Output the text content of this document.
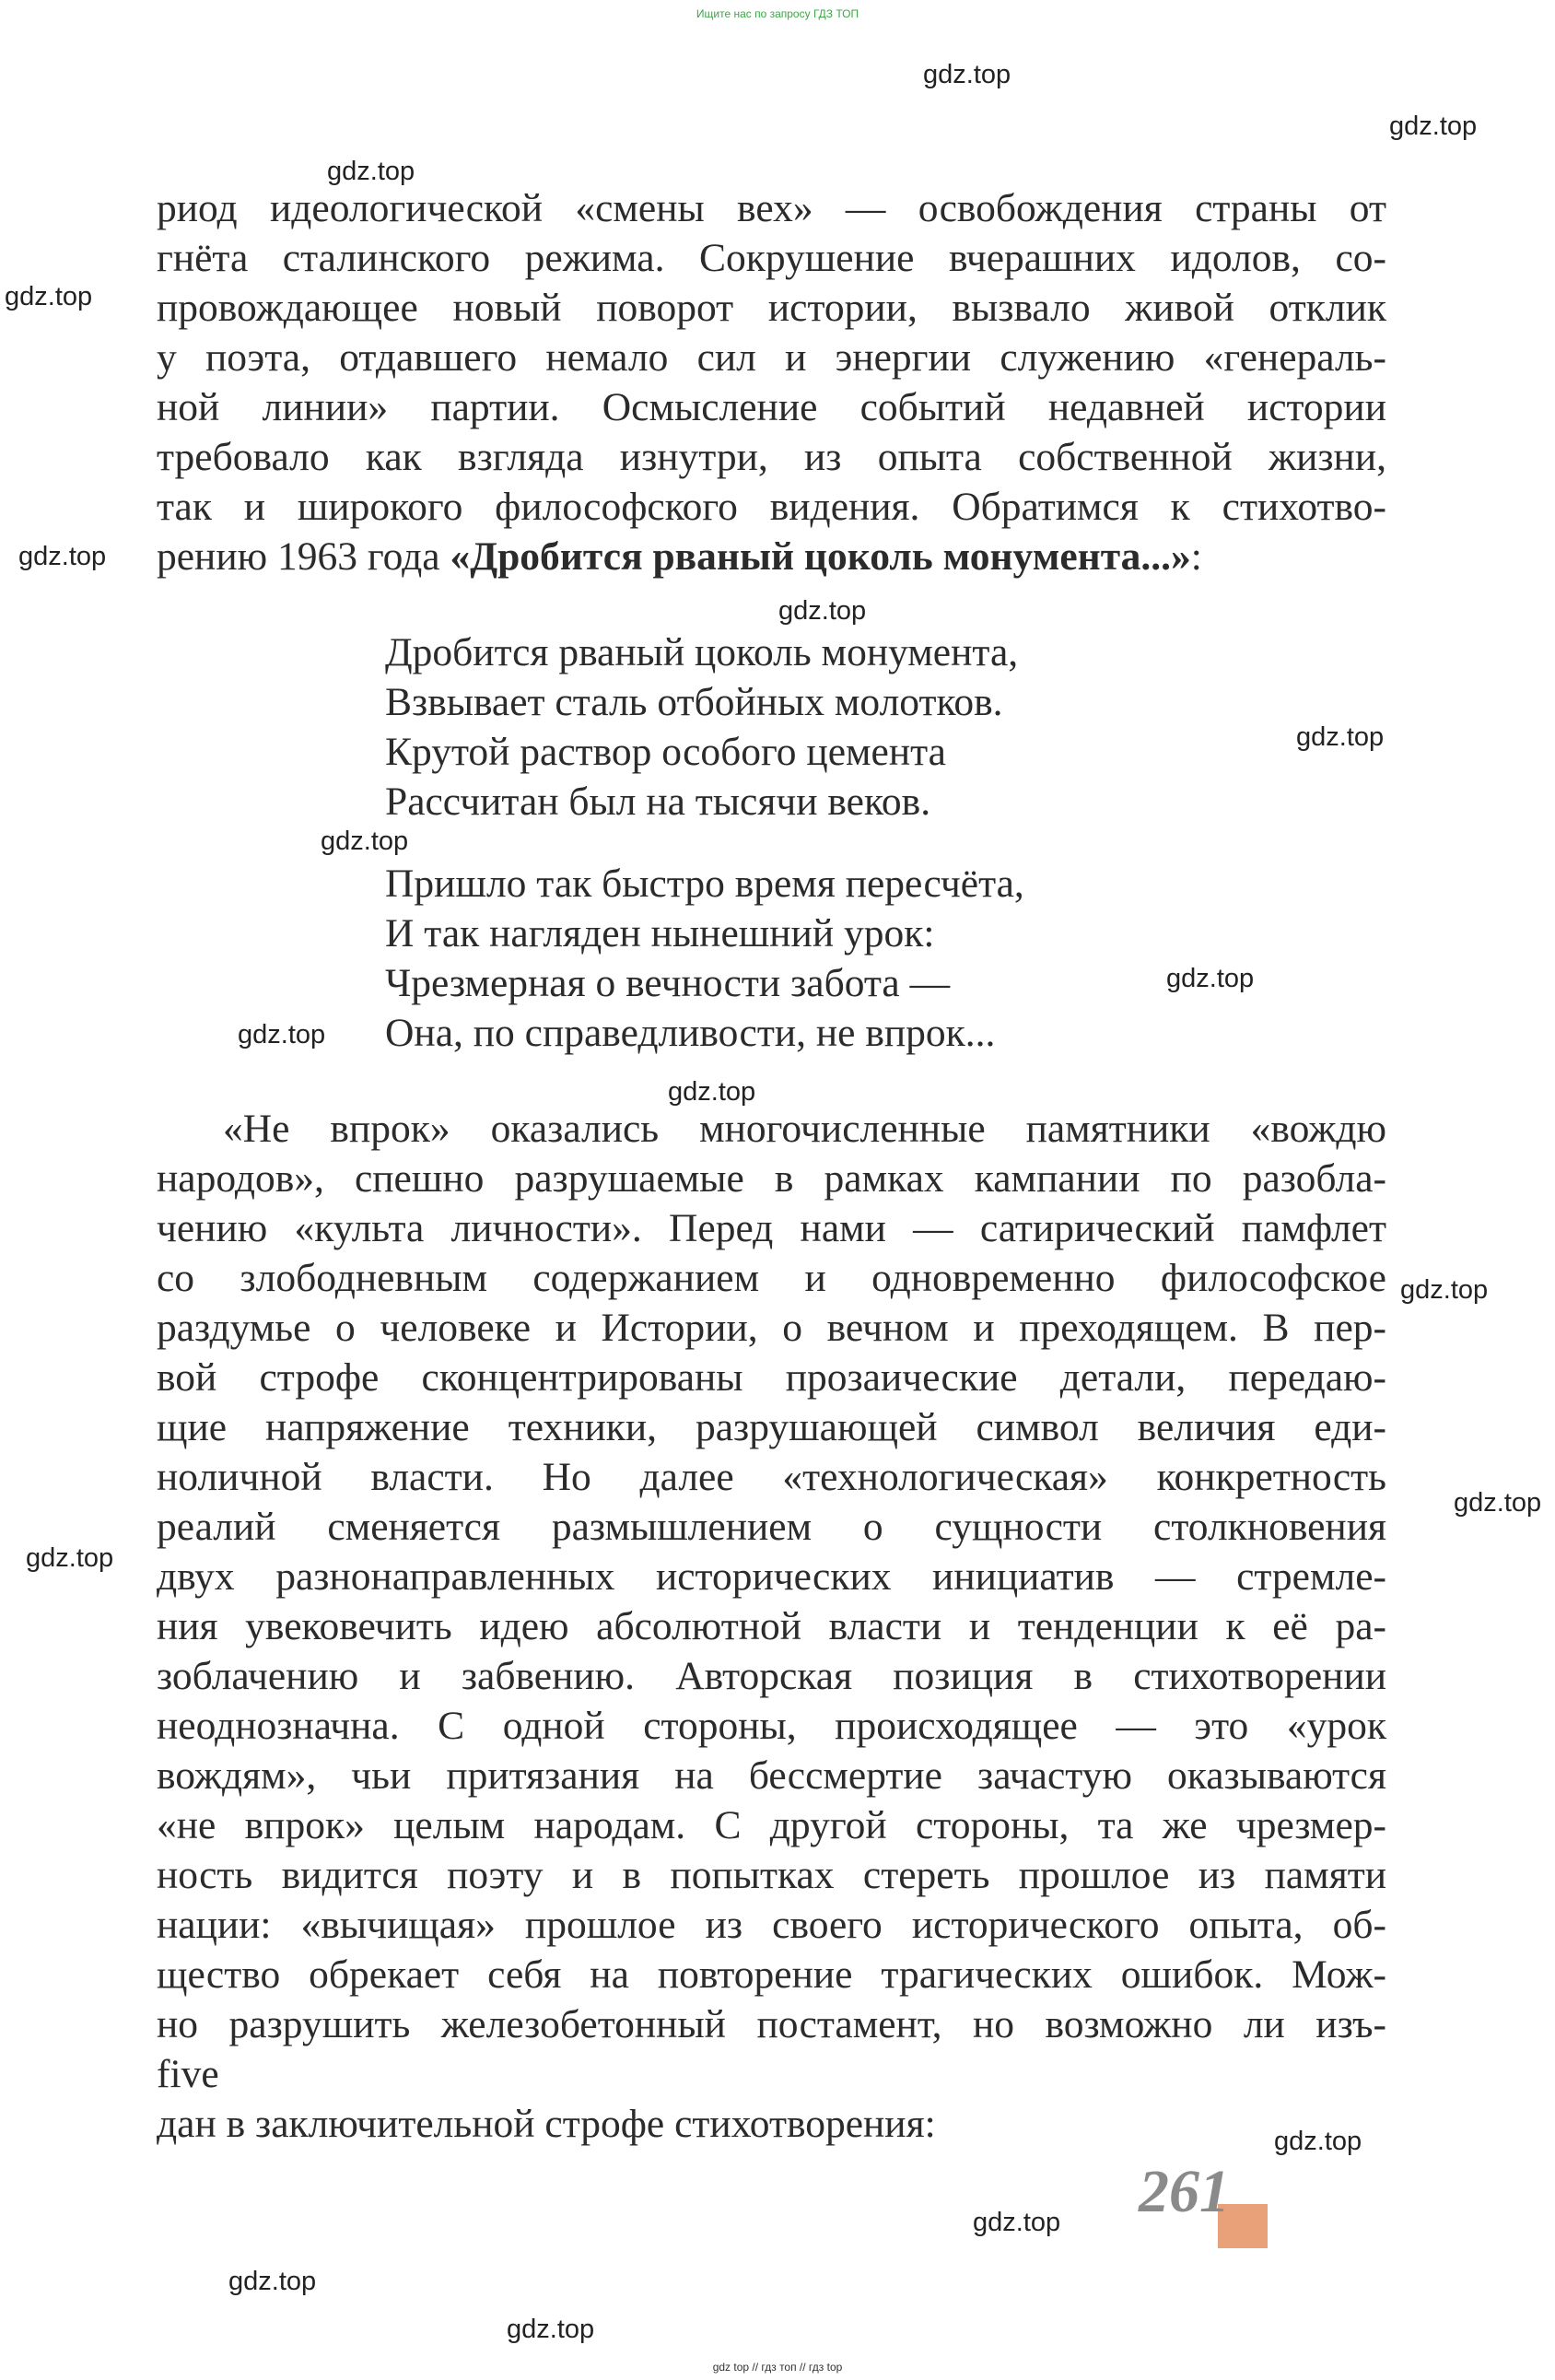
Ищите нас по запросу ГДЗ ТОП
gdz.top
gdz.top
gdz.top
gdz.top
gdz.top
gdz.top
gdz.top
gdz.top
gdz.top
gdz.top
gdz.top
gdz.top
gdz.top
gdz.top
gdz.top
gdz.top
gdz.top
gdz.top
риод идеологической «смены вех» — освобождения страны от
гнёта сталинского режима. Сокрушение вчерашних идолов, со-
провождающее новый поворот истории, вызвало живой отклик
у поэта, отдавшего немало сил и энергии служению «генераль-
ной линии» партии. Осмысление событий недавней истории
требовало как взгляда изнутри, из опыта собственной жизни,
так и широкого философского видения. Обратимся к стихотво-
рению 1963 года «Дробится рваный цоколь монумента...»:
Дробится рваный цоколь монумента,
Взвывает сталь отбойных молотков.
Крутой раствор особого цемента
Рассчитан был на тысячи веков.
Пришло так быстро время пересчёта,
И так нагляден нынешний урок:
Чрезмерная о вечности забота —
Она, по справедливости, не впрок...
«Не впрок» оказались многочисленные памятники «вождю
народов», спешно разрушаемые в рамках кампании по разобла-
чению «культа личности». Перед нами — сатирический памфлет
со злободневным содержанием и одновременно философское
раздумье о человеке и Истории, о вечном и преходящем. В пер-
вой строфе сконцентрированы прозаические детали, передаю-
щие напряжение техники, разрушающей символ величия еди-
ноличной власти. Но далее «технологическая» конкретность
реалий сменяется размышлением о сущности столкновения
двух разнонаправленных исторических инициатив — стремле-
ния увековечить идею абсолютной власти и тенденции к её ра-
зоблачению и забвению. Авторская позиция в стихотворении
неоднозначна. С одной стороны, происходящее — это «урок
вождям», чьи притязания на бессмертие зачастую оказываются
«не впрок» целым народам. С другой стороны, та же чрезмер-
ность видится поэту и в попытках стереть прошлое из памяти
нации: «вычищая» прошлое из своего исторического опыта, об-
щество обрекает себя на повторение трагических ошибок. Мож-
но разрушить железобетонный постамент, но возможно ли изъ-
five
дан в заключительной строфе стихотворения:
261
gdz top // гдз топ // гдз top
